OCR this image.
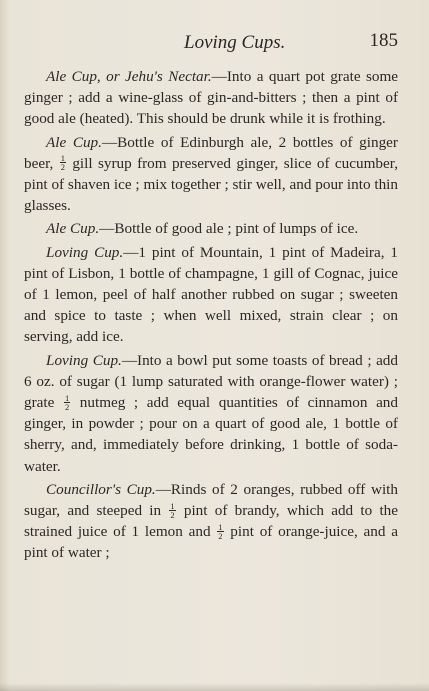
Loving Cups.	185

Ale Cup, or Jehu's Nectar.—Into a quart pot grate some ginger ; add a wine-glass of gin-and-bitters ; then a pint of good ale (heated). This should be drunk while it is frothing.

Ale Cup.—Bottle of Edinburgh ale, 2 bottles of ginger beer, $\frac{1}{2}$ gill syrup from preserved ginger, slice of cucumber, pint of shaven ice ; mix together ; stir well, and pour into thin glasses.

Ale Cup.—Bottle of good ale ; pint of lumps of ice.

Loving Cup.—1 pint of Mountain, 1 pint of Madeira, 1 pint of Lisbon, 1 bottle of champagne, 1 gill of Cognac, juice of 1 lemon, peel of half another rubbed on sugar ; sweeten and spice to taste ; when well mixed, strain clear ; on serving, add ice.

Loving Cup.—Into a bowl put some toasts of bread ; add 6 oz. of sugar (1 lump saturated with orange-flower water) ; grate $\frac{1}{2}$ nutmeg ; add equal quantities of cinnamon and ginger, in powder ; pour on a quart of good ale, 1 bottle of sherry, and, immediately before drinking, 1 bottle of soda-water.

Councillor's Cup.—Rinds of 2 oranges, rubbed off with sugar, and steeped in $\frac{1}{2}$ pint of brandy, which add to the strained juice of 1 lemon and $\frac{1}{2}$ pint of orange-juice, and a pint of water ;
